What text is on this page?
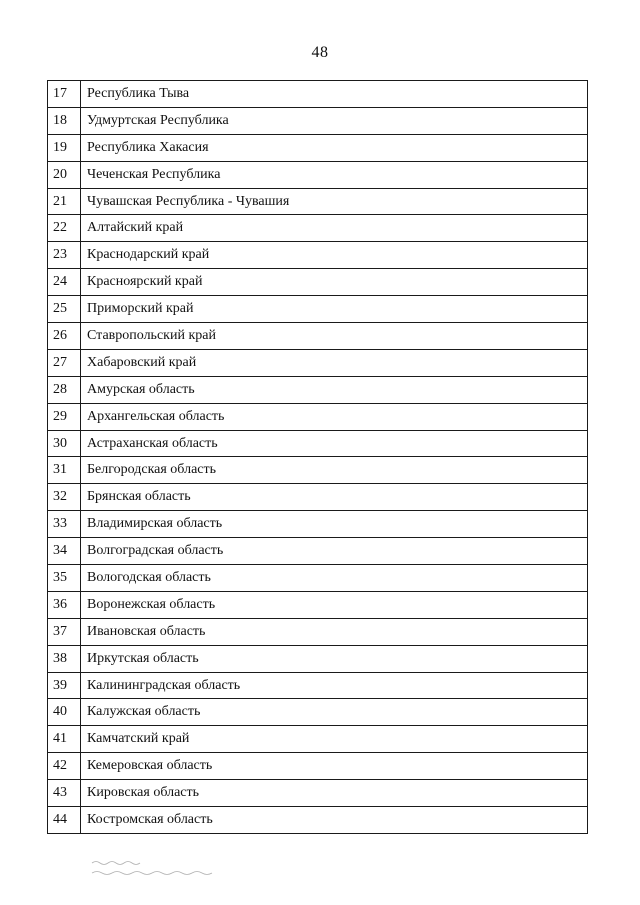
48
17	Республика Тыва
18	Удмуртская Республика
19	Республика Хакасия
20	Чеченская Республика
21	Чувашская Республика - Чувашия
22	Алтайский край
23	Краснодарский край
24	Красноярский край
25	Приморский край
26	Ставропольский край
27	Хабаровский край
28	Амурская область
29	Архангельская область
30	Астраханская область
31	Белгородская область
32	Брянская область
33	Владимирская область
34	Волгоградская область
35	Вологодская область
36	Воронежская область
37	Ивановская область
38	Иркутская область
39	Калининградская область
40	Калужская область
41	Камчатский край
42	Кемеровская область
43	Кировская область
44	Костромская область
